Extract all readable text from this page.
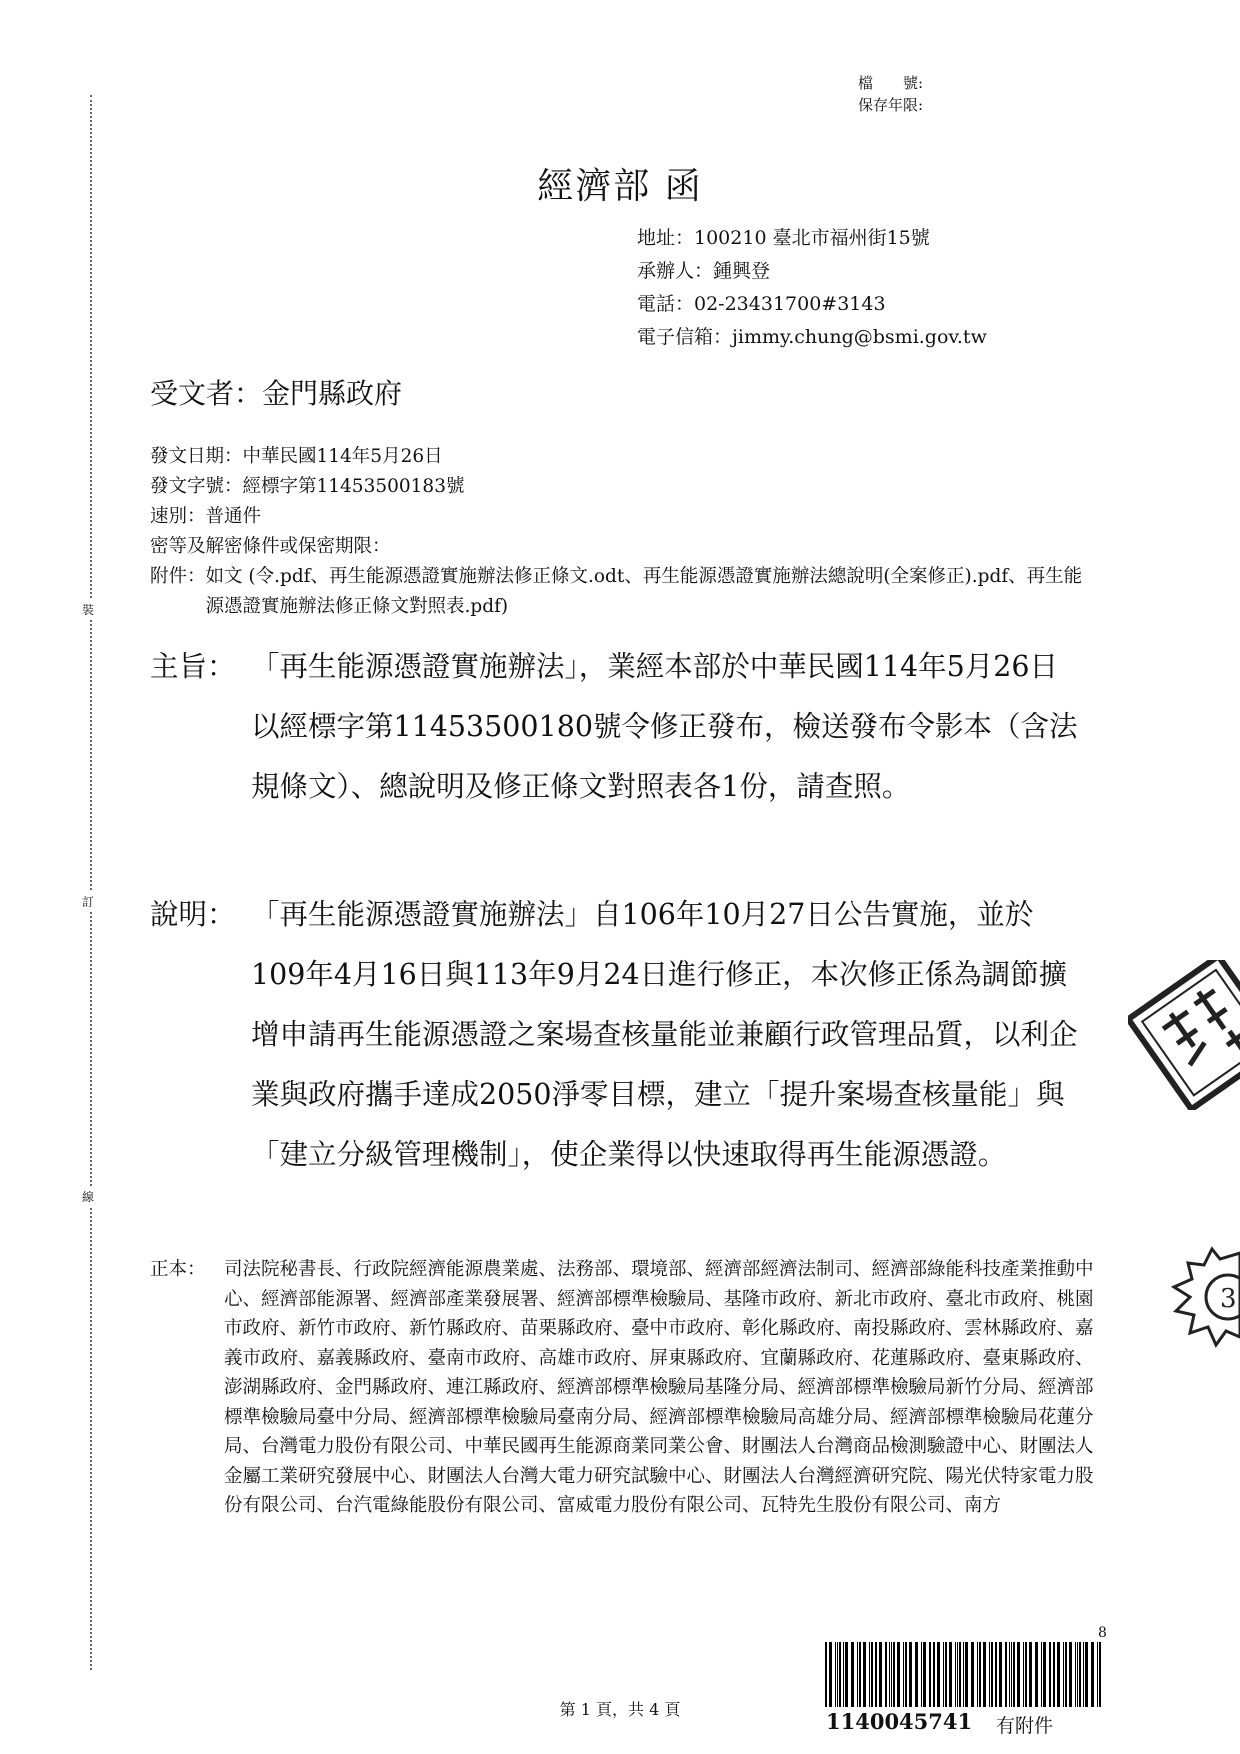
裝
訂
線
檔　　號:
保存年限:
經濟部 函
地址：100210 臺北市福州街15號
承辦人：鍾興登
電話：02-23431700#3143
電子信箱：jimmy.chung@bsmi.gov.tw
受文者：金門縣政府
發文日期：中華民國114年5月26日
發文字號：經標字第11453500183號
速別：普通件
密等及解密條件或保密期限：
附件： 如文 (令.pdf、再生能源憑證實施辦法修正條文.odt、再生能源憑證實施辦法總說明(全案修正).pdf、再生能源憑證實施辦法修正條文對照表.pdf)
主旨： 「再生能源憑證實施辦法」，業經本部於中華民國114年5月26日以經標字第11453500180號令修正發布，檢送發布令影本（含法規條文）、總說明及修正條文對照表各1份，請查照。
說明： 「再生能源憑證實施辦法」自106年10月27日公告實施，並於109年4月16日與113年9月24日進行修正，本次修正係為調節擴增申請再生能源憑證之案場查核量能並兼顧行政管理品質，以利企業與政府攜手達成2050淨零目標，建立「提升案場查核量能」與「建立分級管理機制」，使企業得以快速取得再生能源憑證。
正本： 司法院秘書長、行政院經濟能源農業處、法務部、環境部、經濟部經濟法制司、經濟部綠能科技產業推動中心、經濟部能源署、經濟部產業發展署、經濟部標準檢驗局、基隆市政府、新北市政府、臺北市政府、桃園市政府、新竹市政府、新竹縣政府、苗栗縣政府、臺中市政府、彰化縣政府、南投縣政府、雲林縣政府、嘉義市政府、嘉義縣政府、臺南市政府、高雄市政府、屏東縣政府、宜蘭縣政府、花蓮縣政府、臺東縣政府、澎湖縣政府、金門縣政府、連江縣政府、經濟部標準檢驗局基隆分局、經濟部標準檢驗局新竹分局、經濟部標準檢驗局臺中分局、經濟部標準檢驗局臺南分局、經濟部標準檢驗局高雄分局、經濟部標準檢驗局花蓮分局、台灣電力股份有限公司、中華民國再生能源商業同業公會、財團法人台灣商品檢測驗證中心、財團法人金屬工業研究發展中心、財團法人台灣大電力研究試驗中心、財團法人台灣經濟研究院、陽光伏特家電力股份有限公司、台汽電綠能股份有限公司、富威電力股份有限公司、瓦特先生股份有限公司、南方
8
1140045741 有附件
第 1 頁，共 4 頁
3
